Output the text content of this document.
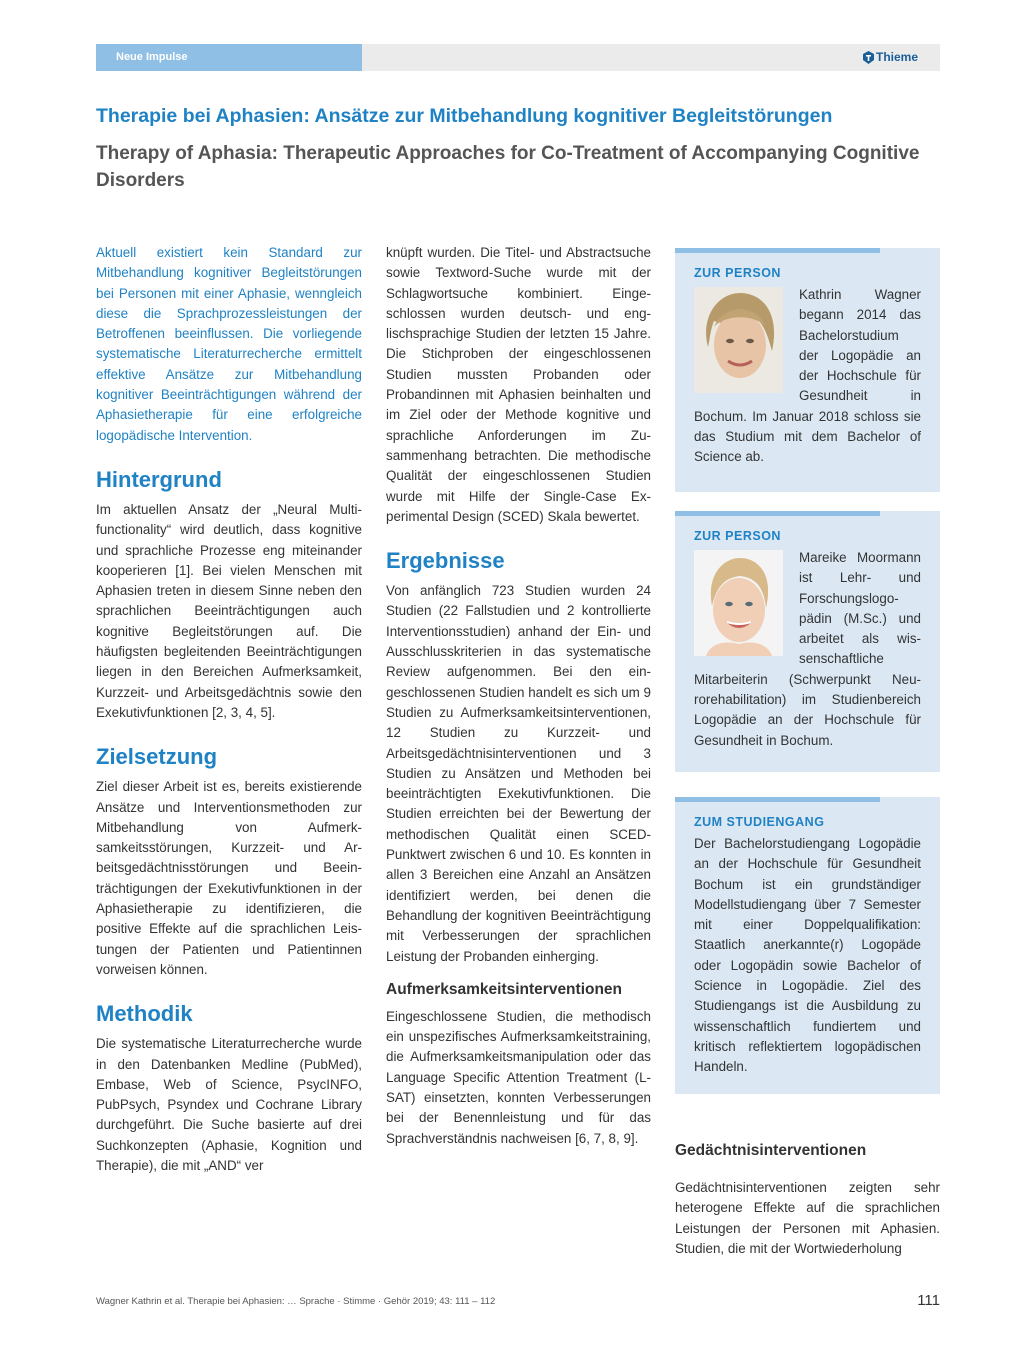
Neue Impulse	Thieme
Therapie bei Aphasien: Ansätze zur Mitbehandlung kognitiver Begleitstörungen
Therapy of Aphasia: Therapeutic Approaches for Co-Treatment of Accompanying Cognitive Disorders

Aktuell existiert kein Standard zur Mitbehandlung kognitiver Begleitstörungen bei Personen mit einer Aphasie, wenngleich diese die Sprachprozessleistungen der Betroffenen beeinflussen. Die vorliegende systematische Literaturrecherche ermittelt effektive Ansätze zur Mitbehandlung kognitiver Beeinträchtigungen während der Aphasietherapie für eine erfolgreiche logopädische Intervention.

Hintergrund

Im aktuellen Ansatz der „Neural Multifunctionality“ wird deutlich, dass kognitive und sprachliche Prozesse eng miteinander kooperieren [1]. Bei vielen Menschen mit Aphasien treten in diesem Sinne neben den sprachlichen Beeinträchtigungen auch kognitive Begleitstörungen auf. Die häufigsten begleitenden Beeinträchtigungen liegen in den Bereichen Aufmerksamkeit, Kurzzeit- und Arbeitsgedächtnis sowie den Exekutivfunktionen [2, 3, 4, 5].

Zielsetzung

Ziel dieser Arbeit ist es, bereits existierende Ansätze und Interventionsmethoden zur Mitbehandlung von Aufmerksamkeitsstörungen, Kurzzeit- und Arbeitsgedächtnisstörungen und Beeinträchtigungen der Exekutivfunktionen in der Aphasietherapie zu identifizieren, die positive Effekte auf die sprachlichen Leistungen der Patienten und Patientinnen vorweisen können.

Methodik

Die systematische Literaturrecherche wurde in den Datenbanken Medline (PubMed), Embase, Web of Science, PsycINFO, PubPsych, Psyndex und Cochrane Library durchgeführt. Die Suche basierte auf drei Suchkonzepten (Aphasie, Kognition und Therapie), die mit „AND“ ver

knüpft wurden. Die Titel- und Abstractsuche sowie Textword-Suche wurde mit der Schlagwortsuche kombiniert. Eingeschlossen wurden deutsch- und englischsprachige Studien der letzten 15 Jahre. Die Stichproben der eingeschlossenen Studien mussten Probanden oder Probandinnen mit Aphasien beinhalten und im Ziel oder der Methode kognitive und sprachliche Anforderungen im Zusammenhang betrachten. Die methodische Qualität der eingeschlossenen Studien wurde mit Hilfe der Single-Case Experimental Design (SCED) Skala bewertet.

Ergebnisse

Von anfänglich 723 Studien wurden 24 Studien (22 Fallstudien und 2 kontrollierte Interventionsstudien) anhand der Ein- und Ausschlusskriterien in das systematische Review aufgenommen. Bei den eingeschlossenen Studien handelt es sich um 9 Studien zu Aufmerksamkeitsinterventionen, 12 Studien zu Kurzzeit- und Arbeitsgedächtnisinterventionen und 3 Studien zu Ansätzen und Methoden bei beeinträchtigten Exekutivfunktionen. Die Studien erreichten bei der Bewertung der methodischen Qualität einen SCED-Punktwert zwischen 6 und 10. Es konnten in allen 3 Bereichen eine Anzahl an Ansätzen identifiziert werden, bei denen die Behandlung der kognitiven Beeinträchtigung mit Verbesserungen der sprachlichen Leistung der Probanden einherging.

Aufmerksamkeitsinterventionen

Eingeschlossene Studien, die methodisch ein unspezifisches Aufmerksamkeitstraining, die Aufmerksamkeitsmanipulation oder das Language Specific Attention Treatment (L-SAT) einsetzten, konnten Verbesserungen bei der Benennleistung und für das Sprachverständnis nachweisen [6, 7, 8, 9].

ZUR PERSON

Kathrin Wagner begann 2014 das Bachelorstudium der Logopädie an der Hochschule für Gesundheit in Bochum. Im Januar 2018 schloss sie das Studium mit dem Bachelor of Science ab.

ZUR PERSON

Mareike Moormann ist Lehr- und Forschungslogopädin (M.Sc.) und arbeitet als wissenschaftliche Mitarbeiterin (Schwerpunkt Neurorehabilitation) im Studienbereich Logopädie an der Hochschule für Gesundheit in Bochum.

ZUM STUDIENGANG

Der Bachelorstudiengang Logopädie an der Hochschule für Gesundheit Bochum ist ein grundständiger Modellstudiengang über 7 Semester mit einer Doppelqualifikation: Staatlich anerkannte(r) Logopäde oder Logopädin sowie Bachelor of Science in Logopädie. Ziel des Studiengangs ist die Ausbildung zu wissenschaftlich fundiertem und kritisch reflektiertem logopädischen Handeln.

Gedächtnisinterventionen

Gedächtnisinterventionen zeigten sehr heterogene Effekte auf die sprachlichen Leistungen der Personen mit Aphasien. Studien, die mit der Wortwiederholung

Wagner Kathrin et al. Therapie bei Aphasien: … Sprache · Stimme · Gehör 2019; 43: 111 – 112	111
